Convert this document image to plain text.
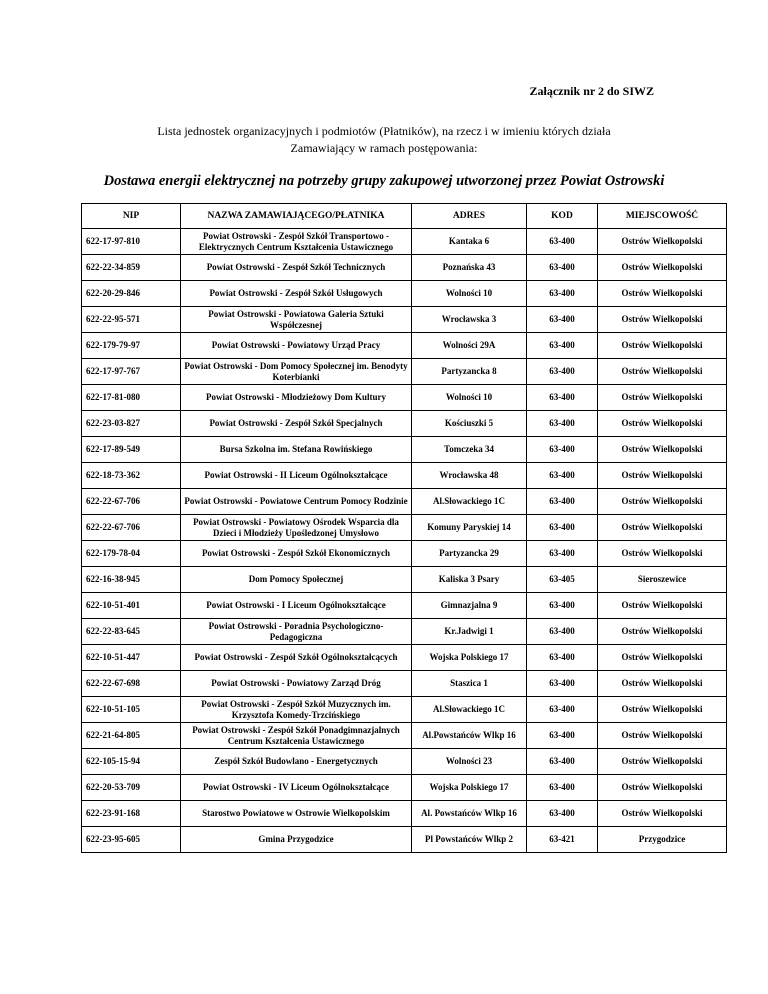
Załącznik nr 2 do SIWZ
Lista jednostek organizacyjnych i podmiotów (Płatników), na rzecz i w imieniu których działa
Zamawiający w ramach postępowania:
Dostawa energii elektrycznej na potrzeby grupy zakupowej utworzonej przez Powiat Ostrowski
NIP	NAZWA ZAMAWIAJĄCEGO/PŁATNIKA	ADRES	KOD	MIEJSCOWOŚĆ
622-17-97-810	Powiat Ostrowski - Zespół Szkół Transportowo - Elektrycznych Centrum Kształcenia Ustawicznego	Kantaka 6	63-400	Ostrów Wielkopolski
622-22-34-859	Powiat Ostrowski - Zespół Szkół Technicznych	Poznańska 43	63-400	Ostrów Wielkopolski
622-20-29-846	Powiat Ostrowski - Zespół Szkół Usługowych	Wolności 10	63-400	Ostrów Wielkopolski
622-22-95-571	Powiat Ostrowski - Powiatowa Galeria Sztuki Współczesnej	Wrocławska 3	63-400	Ostrów Wielkopolski
622-179-79-97	Powiat Ostrowski - Powiatowy Urząd Pracy	Wolności 29A	63-400	Ostrów Wielkopolski
622-17-97-767	Powiat Ostrowski - Dom Pomocy Społecznej im. Benodyty Koterbianki	Partyzancka 8	63-400	Ostrów Wielkopolski
622-17-81-080	Powiat Ostrowski - Młodzieżowy Dom Kultury	Wolności 10	63-400	Ostrów Wielkopolski
622-23-03-827	Powiat Ostrowski - Zespół Szkół Specjalnych	Kościuszki 5	63-400	Ostrów Wielkopolski
622-17-89-549	Bursa Szkolna im. Stefana Rowińskiego	Tomczeka 34	63-400	Ostrów Wielkopolski
622-18-73-362	Powiat Ostrowski - II Liceum Ogólnokształcące	Wrocławska 48	63-400	Ostrów Wielkopolski
622-22-67-706	Powiat Ostrowski - Powiatowe Centrum Pomocy Rodzinie	Al.Słowackiego 1C	63-400	Ostrów Wielkopolski
622-22-67-706	Powiat Ostrowski - Powiatowy Ośrodek Wsparcia dla Dzieci i Młodzieży Upośledzonej Umysłowo	Komuny Paryskiej 14	63-400	Ostrów Wielkopolski
622-179-78-04	Powiat Ostrowski - Zespół Szkół Ekonomicznych	Partyzancka 29	63-400	Ostrów Wielkopolski
622-16-38-945	Dom Pomocy Społecznej	Kaliska 3 Psary	63-405	Sieroszewice
622-10-51-401	Powiat Ostrowski - I Liceum Ogólnokształcące	Gimnazjalna 9	63-400	Ostrów Wielkopolski
622-22-83-645	Powiat Ostrowski - Poradnia Psychologiczno-Pedagogiczna	Kr.Jadwigi 1	63-400	Ostrów Wielkopolski
622-10-51-447	Powiat Ostrowski - Zespół Szkół Ogólnokształcących	Wojska Polskiego 17	63-400	Ostrów Wielkopolski
622-22-67-698	Powiat Ostrowski - Powiatowy Zarząd Dróg	Staszica 1	63-400	Ostrów Wielkopolski
622-10-51-105	Powiat Ostrowski - Zespół Szkół Muzycznych im. Krzysztofa Komedy-Trzcińskiego	Al.Słowackiego 1C	63-400	Ostrów Wielkopolski
622-21-64-805	Powiat Ostrowski - Zespół Szkół Ponadgimnazjalnych Centrum Kształcenia Ustawicznego	Al.Powstańców Wlkp 16	63-400	Ostrów Wielkopolski
622-105-15-94	Zespół Szkół Budowlano - Energetycznych	Wolności 23	63-400	Ostrów Wielkopolski
622-20-53-709	Powiat Ostrowski - IV Liceum Ogólnokształcące	Wojska Polskiego 17	63-400	Ostrów Wielkopolski
622-23-91-168	Starostwo Powiatowe w Ostrowie Wielkopolskim	Al. Powstańców Wlkp 16	63-400	Ostrów Wielkopolski
622-23-95-605	Gmina Przygodzice	Pl Powstańców Wlkp 2	63-421	Przygodzice
